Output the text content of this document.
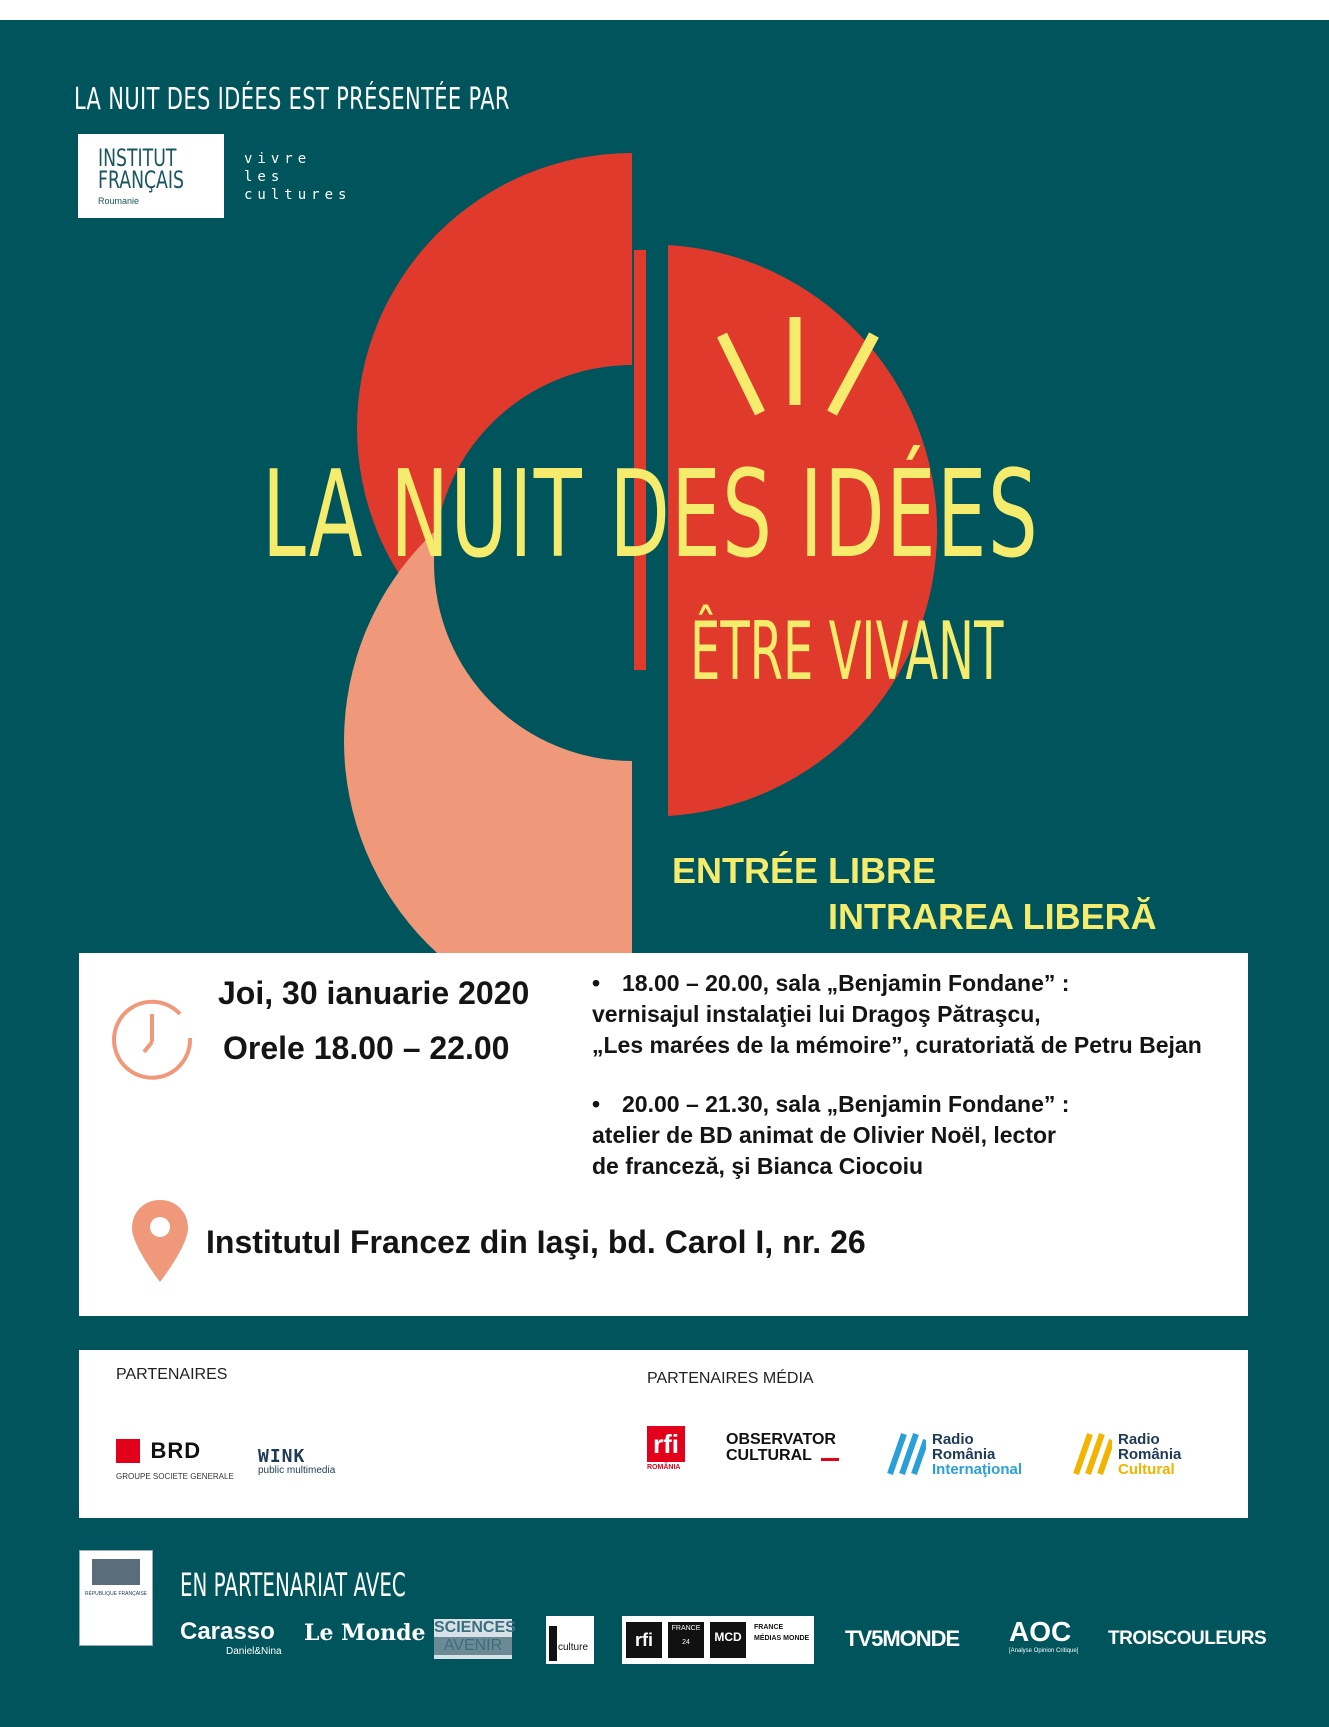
LA NUIT DES IDÉES EST PRÉSENTÉE PAR
INSTITUT
FRANÇAIS
Roumanie
vivre
les
cultures
LA NUIT DES IDÉES
ÊTRE VIVANT
ENTRÉE LIBRE
INTRAREA LIBERĂ
Joi, 30 ianuarie 2020
Orele 18.00 – 22.00
• 18.00 – 20.00, sala „Benjamin Fondane” :
vernisajul instalaţiei lui Dragoş Pătraşcu,
„Les marées de la mémoire”, curatoriată de Petru Bejan
• 20.00 – 21.30, sala „Benjamin Fondane” :
atelier de BD animat de Olivier Noël, lector
de franceză, şi Bianca Ciocoiu
Institutul Francez din Iaşi, bd. Carol I, nr. 26
PARTENAIRES	PARTENAIRES MÉDIA
BRD
GROUPE SOCIETE GENERALE
WINK
public multimedia
rfi
ROMÂNIA
OBSERVATOR
CULTURAL
Radio
România
Internaţional
Radio
România
Cultural
RÉPUBLIQUE FRANÇAISE EN PARTENARIAT AVEC
Carasso
Daniel&Nina
Le Monde SCIENCES
AVENIR	culture	rfi
FRANCE 24	MCD
FRANCE MÉDIAS MONDE TV5MONDE AOC
[Analyse Opinion Critique]
TROISCOULEURS
